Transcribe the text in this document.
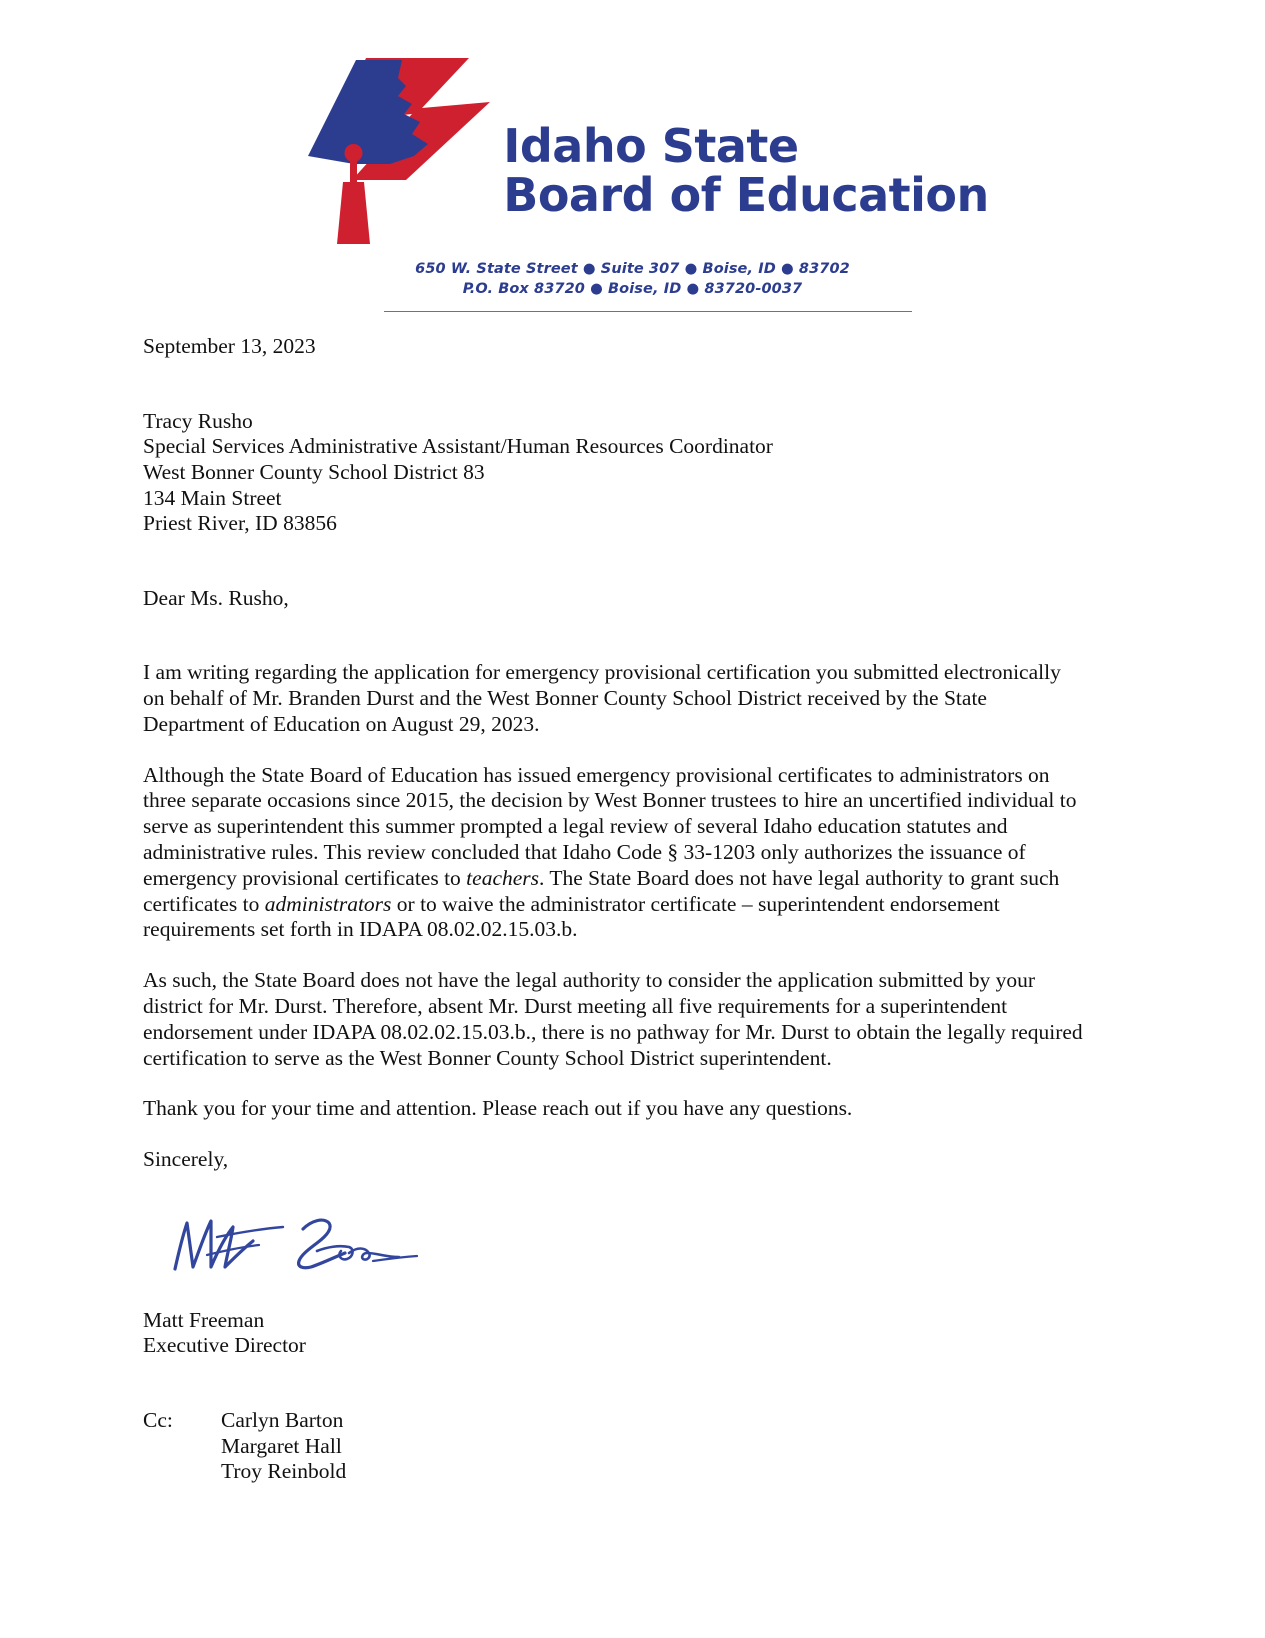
Idaho State
Board of Education
650 W. State Street ● Suite 307 ● Boise, ID ● 83702
P.O. Box 83720 ● Boise, ID ● 83720-0037
September 13, 2023
Tracy Rusho
Special Services Administrative Assistant/Human Resources Coordinator
West Bonner County School District 83
134 Main Street
Priest River, ID 83856
Dear Ms. Rusho,

I am writing regarding the application for emergency provisional certification you submitted electronically on behalf of Mr. Branden Durst and the West Bonner County School District received by the State Department of Education on August 29, 2023.

Although the State Board of Education has issued emergency provisional certificates to administrators on three separate occasions since 2015, the decision by West Bonner trustees to hire an uncertified individual to serve as superintendent this summer prompted a legal review of several Idaho education statutes and administrative rules. This review concluded that Idaho Code § 33-1203 only authorizes the issuance of emergency provisional certificates to teachers. The State Board does not have legal authority to grant such certificates to administrators or to waive the administrator certificate – superintendent endorsement requirements set forth in IDAPA 08.02.02.15.03.b.

As such, the State Board does not have the legal authority to consider the application submitted by your district for Mr. Durst. Therefore, absent Mr. Durst meeting all five requirements for a superintendent endorsement under IDAPA 08.02.02.15.03.b., there is no pathway for Mr. Durst to obtain the legally required certification to serve as the West Bonner County School District superintendent.

Thank you for your time and attention. Please reach out if you have any questions.

Sincerely,
Matt Freeman
Executive Director
Cc:	Carlyn Barton
Margaret Hall
Troy Reinbold
